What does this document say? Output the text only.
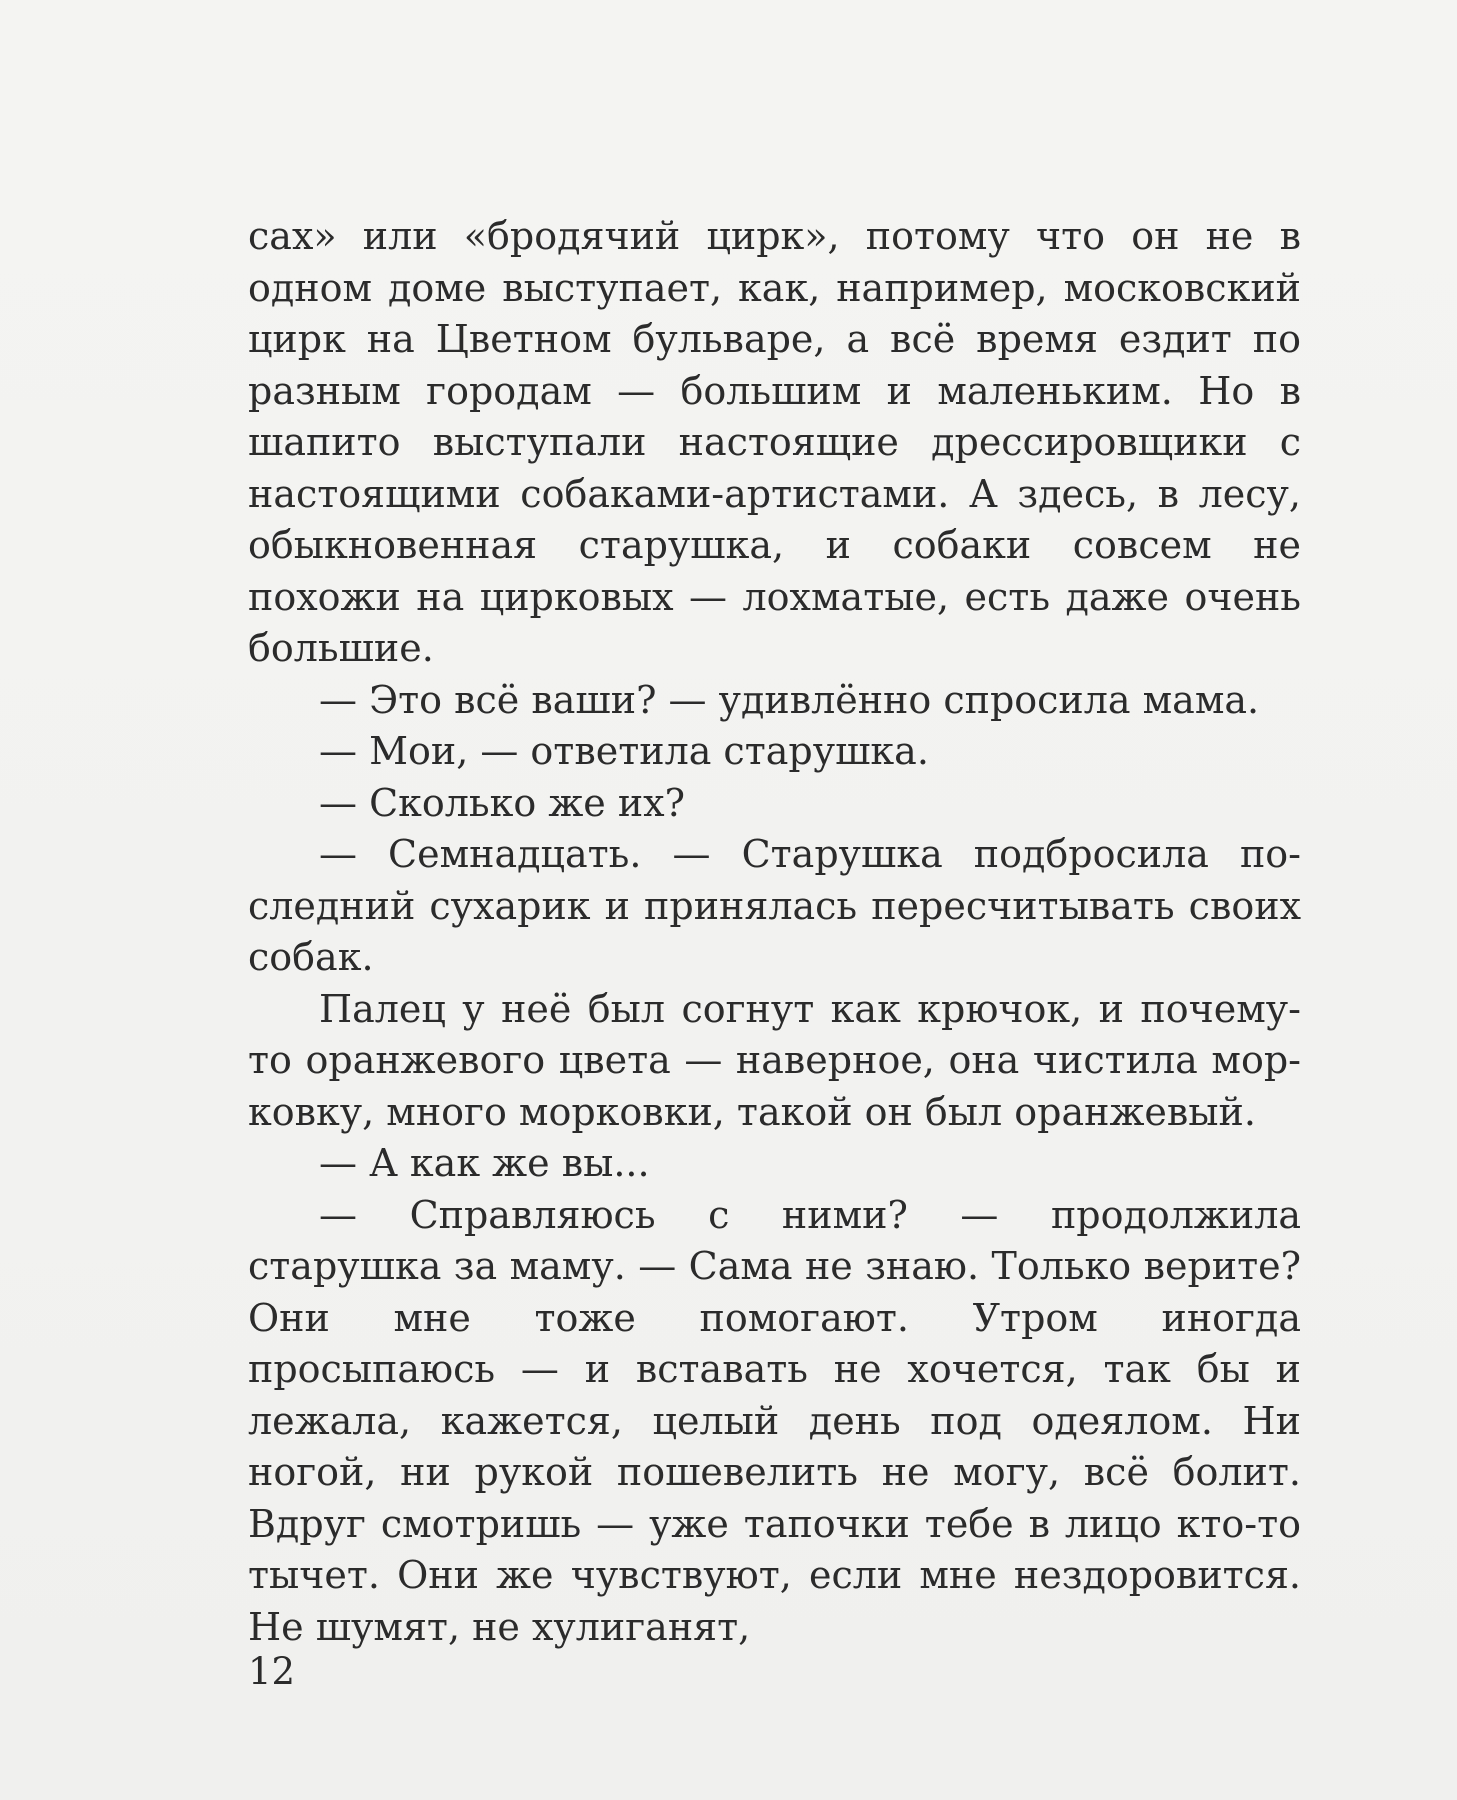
сах» или «бродячий цирк», потому что он не в одном доме выступает, как, например, московский цирк на Цветном бульваре, а всё время ездит по разным городам — большим и маленьким. Но в шапито выступали настоящие дрессировщики с настоящими собаками-артистами. А здесь, в лесу, обыкновенная старушка, и собаки совсем не похожи на цирковых — лохматые, есть даже очень большие.

— Это всё ваши? — удивлённо спросила мама.

— Мои, — ответила старушка.

— Сколько же их?

— Семнадцать. — Старушка подбросила последний сухарик и принялась пересчитывать своих собак.

Палец у неё был согнут как крючок, и почему-то оранжевого цвета — наверное, она чистила морковку, много морковки, такой он был оранжевый.

— А как же вы...

— Справляюсь с ними? — продолжила старушка за маму. — Сама не знаю. Только верите? Они мне тоже помогают. Утром иногда просыпаюсь — и вставать не хочется, так бы и лежала, кажется, целый день под одеялом. Ни ногой, ни рукой пошевелить не могу, всё болит. Вдруг смотришь — уже тапочки тебе в лицо кто-то тычет. Они же чувствуют, если мне нездоровится. Не шумят, не хулиганят,

12
